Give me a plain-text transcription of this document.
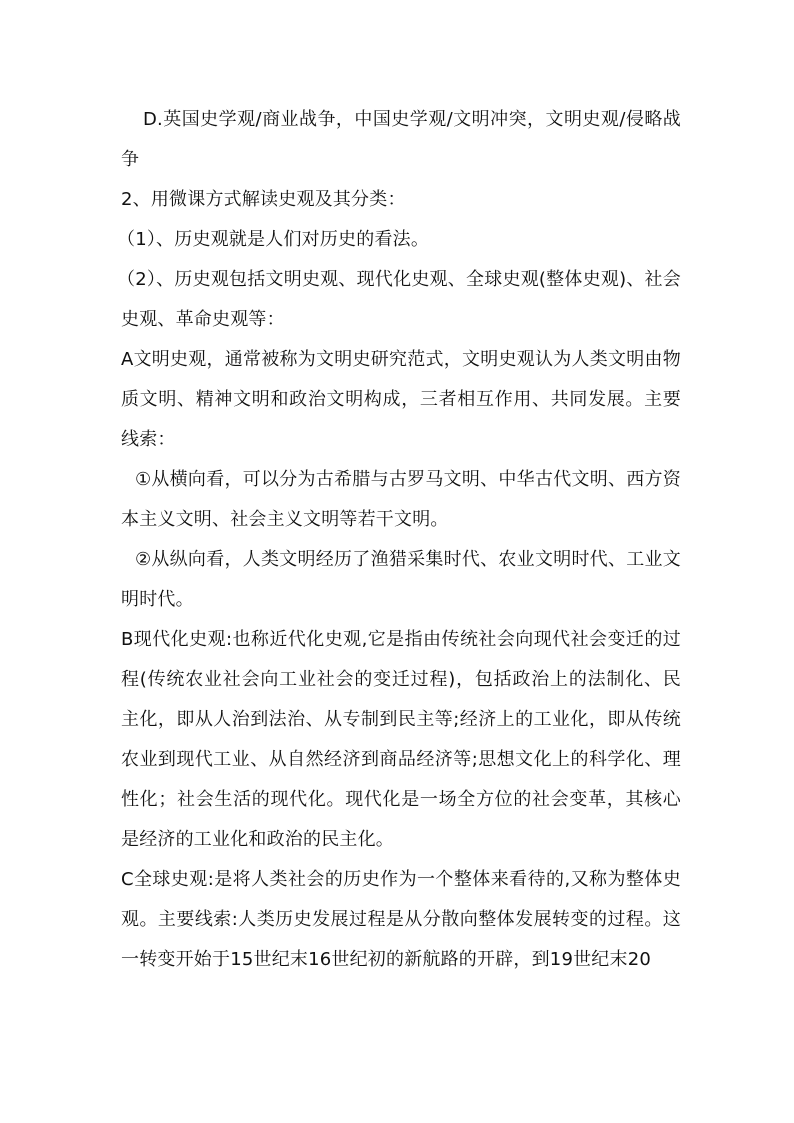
D.英国史学观/商业战争，中国史学观/文明冲突，文明史观/侵略战争

2、用微课方式解读史观及其分类：

（1）、历史观就是人们对历史的看法。

（2）、历史观包括文明史观、现代化史观、全球史观(整体史观)、社会史观、革命史观等：

A文明史观，通常被称为文明史研究范式，文明史观认为人类文明由物质文明、精神文明和政治文明构成，三者相互作用、共同发展。主要线索：

①从横向看，可以分为古希腊与古罗马文明、中华古代文明、西方资本主义文明、社会主义文明等若干文明。

②从纵向看，人类文明经历了渔猎采集时代、农业文明时代、工业文明时代。

B现代化史观:也称近代化史观,它是指由传统社会向现代社会变迁的过程(传统农业社会向工业社会的变迁过程)，包括政治上的法制化、民主化，即从人治到法治、从专制到民主等;经济上的工业化，即从传统农业到现代工业、从自然经济到商品经济等;思想文化上的科学化、理性化；社会生活的现代化。现代化是一场全方位的社会变革，其核心是经济的工业化和政治的民主化。

C全球史观:是将人类社会的历史作为一个整体来看待的,又称为整体史观。主要线索:人类历史发展过程是从分散向整体发展转变的过程。这一转变开始于15世纪末16世纪初的新航路的开辟，到19世纪末20
